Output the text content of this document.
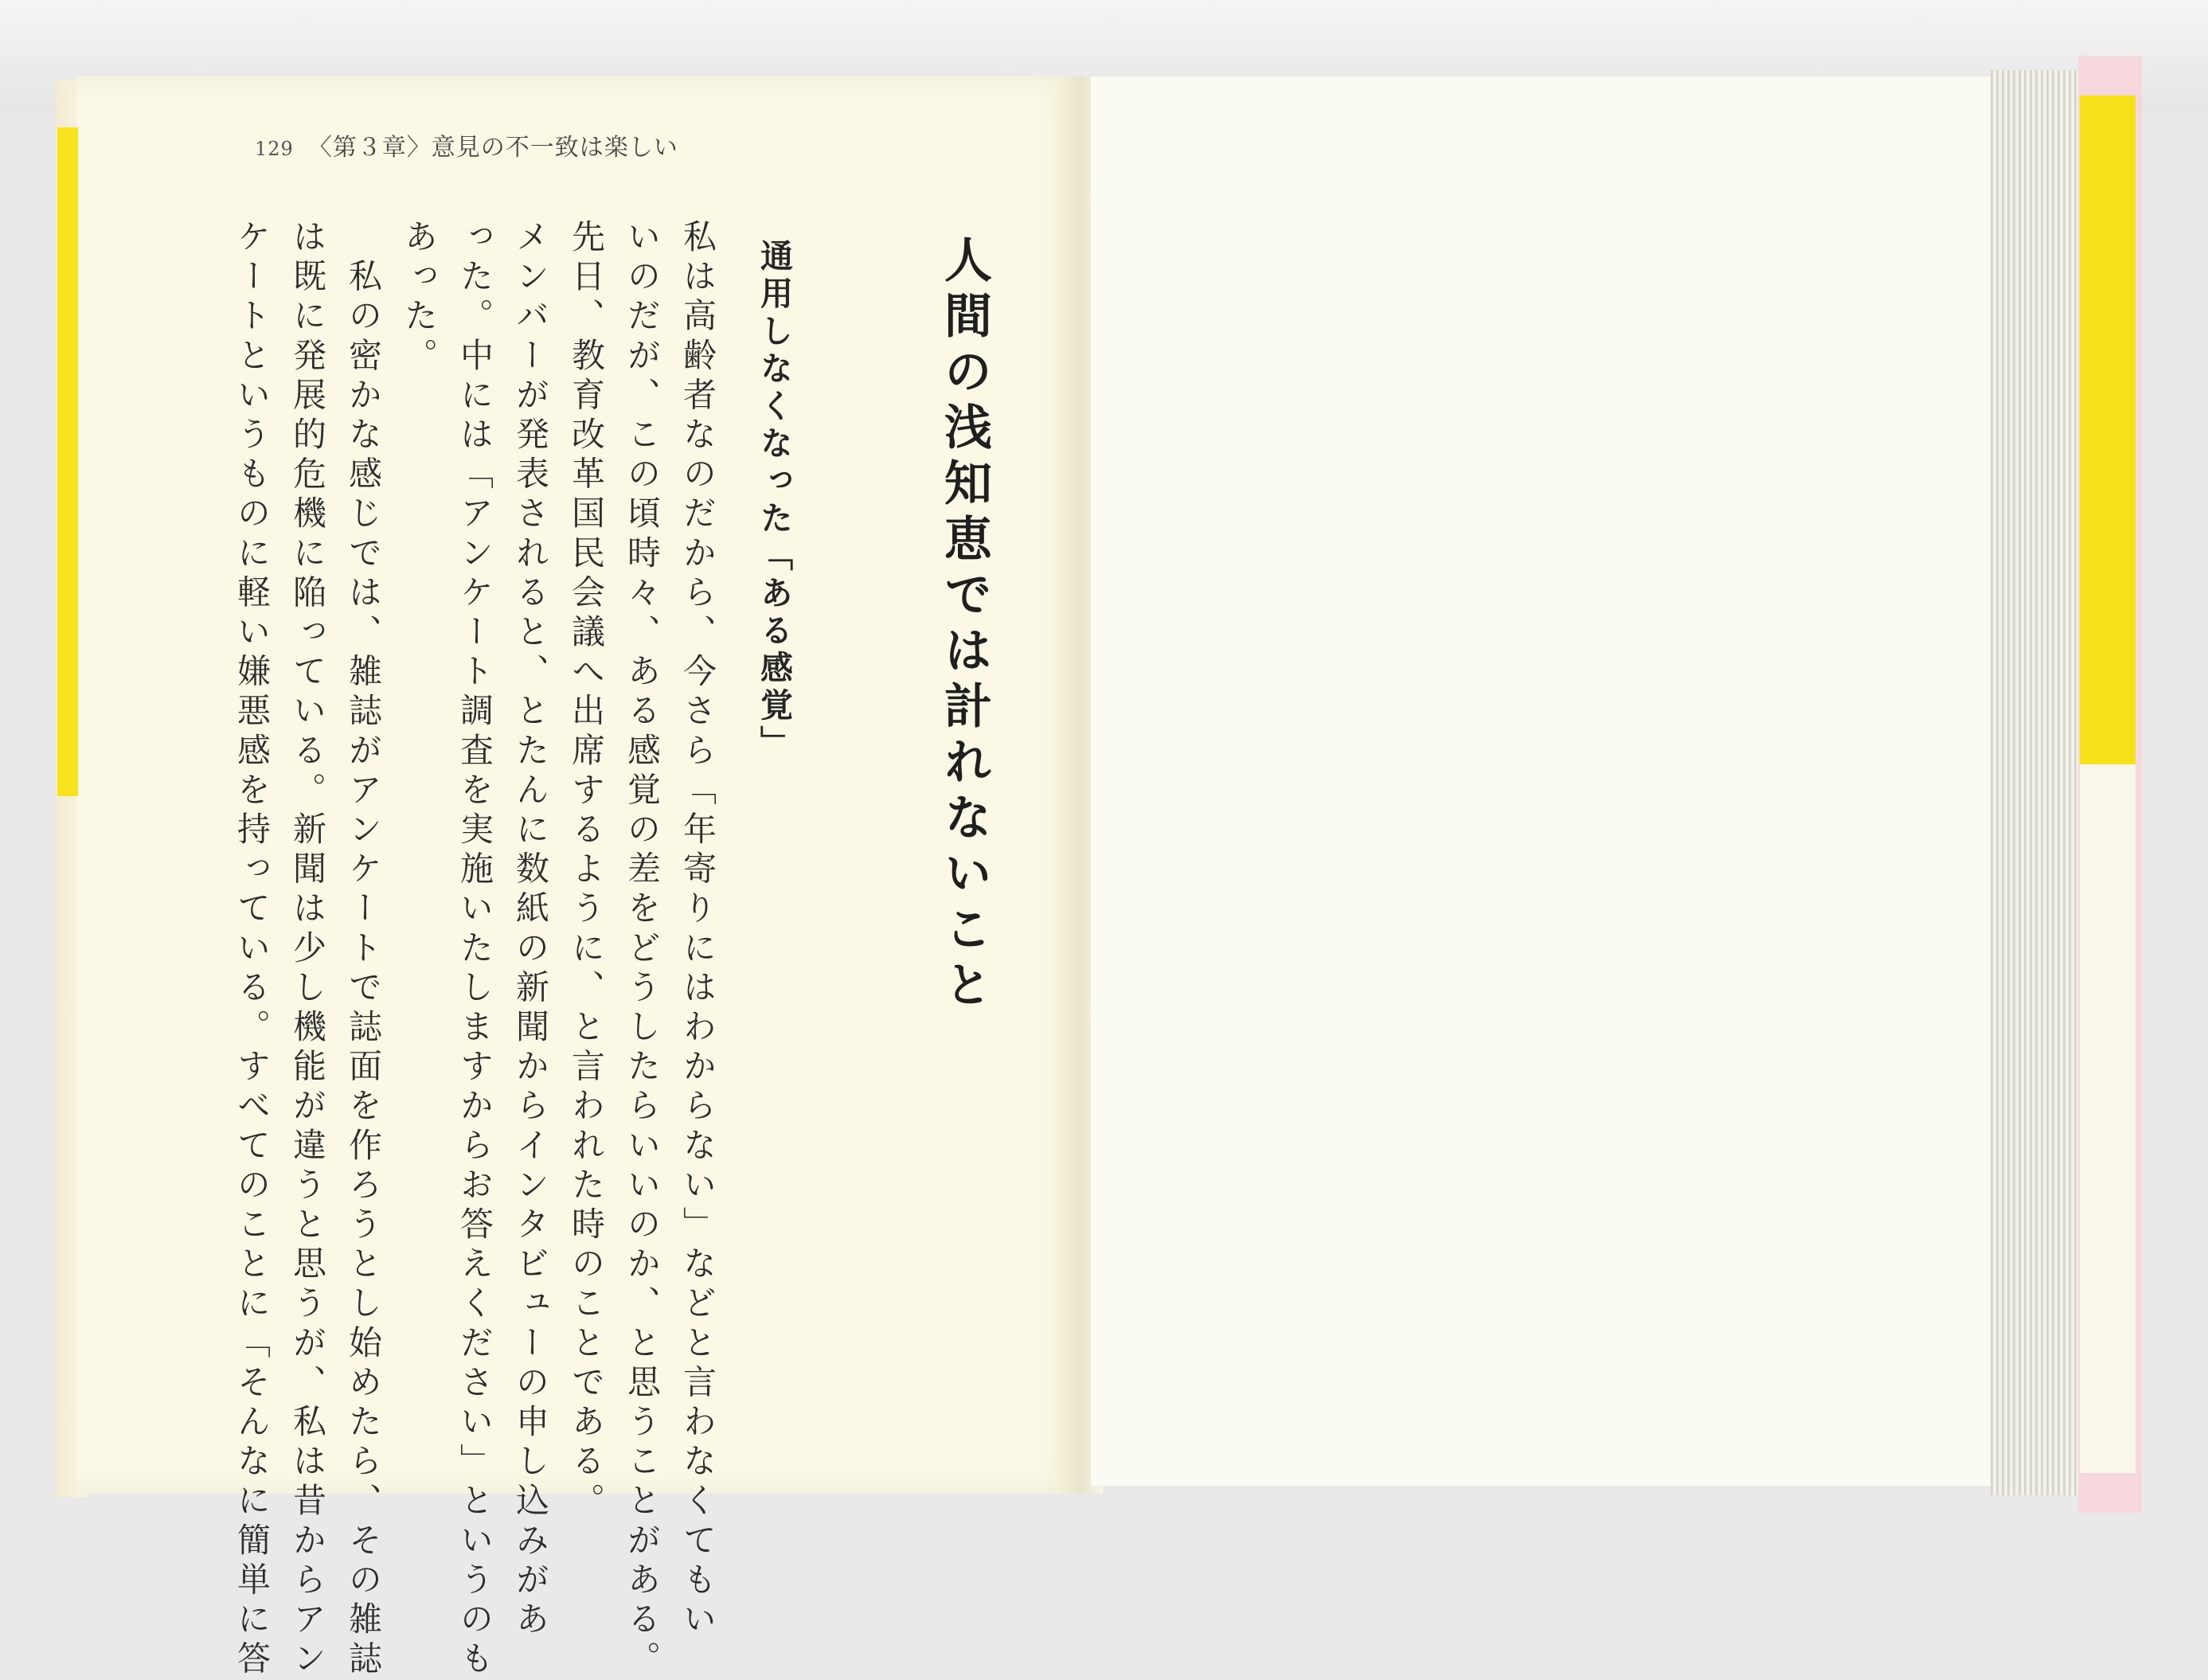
129 〈第３章〉意見の不一致は楽しい
人間の浅知恵では計れないこと
通用しなくなった「ある感覚」
私は高齢者なのだから、今さら「年寄りにはわからない」などと言わなくてもい
いのだが、この頃時々、ある感覚の差をどうしたらいいのか、と思うことがある。
先日、教育改革国民会議へ出席するように、と言われた時のことである。
メンバーが発表されると、とたんに数紙の新聞からインタビューの申し込みがあ
った。中には「アンケート調査を実施いたしますからお答えください」というのも
あった。
　私の密かな感じでは、雑誌がアンケートで誌面を作ろうとし始めたら、その雑誌
は既に発展的危機に陥っている。新聞は少し機能が違うと思うが、私は昔からアン
ケートというものに軽い嫌悪感を持っている。すべてのことに「そんなに簡単に答
